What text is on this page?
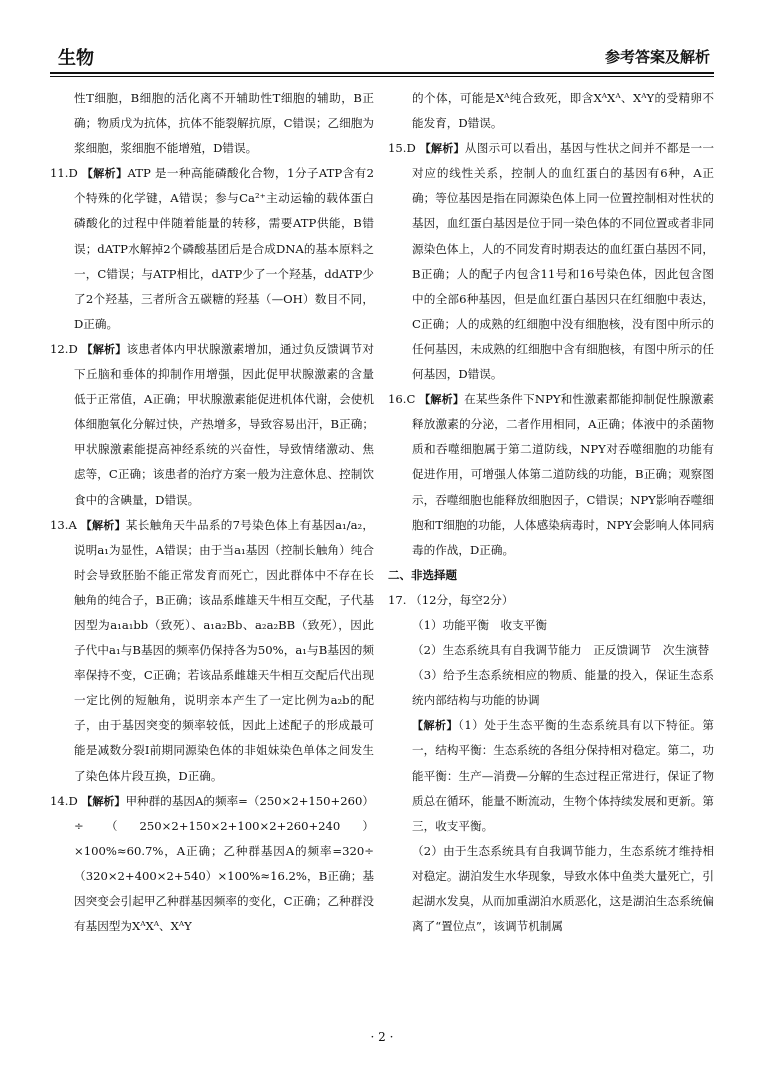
生物	参考答案及解析

性T细胞，B细胞的活化离不开辅助性T细胞的辅助，B正确；物质戊为抗体，抗体不能裂解抗原，C错误；乙细胞为浆细胞，浆细胞不能增殖，D错误。

11.D 【解析】ATP 是一种高能磷酸化合物，1分子ATP含有2个特殊的化学键，A错误；参与Ca²⁺主动运输的载体蛋白磷酸化的过程中伴随着能量的转移，需要ATP供能，B错误；dATP水解掉2个磷酸基团后是合成DNA的基本原料之一，C错误；与ATP相比，dATP少了一个羟基，ddATP少了2个羟基，三者所含五碳糖的羟基（—OH）数目不同，D正确。

12.D 【解析】该患者体内甲状腺激素增加，通过负反馈调节对下丘脑和垂体的抑制作用增强，因此促甲状腺激素的含量低于正常值，A正确；甲状腺激素能促进机体代谢，会使机体细胞氧化分解过快，产热增多，导致容易出汗，B正确；甲状腺激素能提高神经系统的兴奋性，导致情绪激动、焦虑等，C正确；该患者的治疗方案一般为注意休息、控制饮食中的含碘量，D错误。

13.A 【解析】某长触角天牛品系的7号染色体上有基因a₁/a₂，说明a₁为显性，A错误；由于当a₁基因（控制长触角）纯合时会导致胚胎不能正常发育而死亡，因此群体中不存在长触角的纯合子，B正确；该品系雌雄天牛相互交配，子代基因型为a₁a₁bb（致死）、a₁a₂Bb、a₂a₂BB（致死），因此子代中a₁与B基因的频率仍保持各为50%，a₁与B基因的频率保持不变，C正确；若该品系雌雄天牛相互交配后代出现一定比例的短触角，说明亲本产生了一定比例为a₂b的配子，由于基因突变的频率较低，因此上述配子的形成最可能是减数分裂Ⅰ前期同源染色体的非姐妹染色单体之间发生了染色体片段互换，D正确。

14.D 【解析】甲种群的基因A的频率=（250×2+150+260）÷（250×2+150×2+100×2+260+240）×100%≈60.7%，A正确；乙种群基因A的频率=320÷（320×2+400×2+540）×100%≈16.2%，B正确；基因突变会引起甲乙种群基因频率的变化，C正确；乙种群没有基因型为XᴬXᴬ、XᴬY

的个体，可能是Xᴬ纯合致死，即含XᴬXᴬ、XᴬY的受精卵不能发育，D错误。

15.D 【解析】从图示可以看出，基因与性状之间并不都是一一对应的线性关系，控制人的血红蛋白的基因有6种，A正确；等位基因是指在同源染色体上同一位置控制相对性状的基因，血红蛋白基因是位于同一染色体的不同位置或者非同源染色体上，人的不同发育时期表达的血红蛋白基因不同，B正确；人的配子内包含11号和16号染色体，因此包含图中的全部6种基因，但是血红蛋白基因只在红细胞中表达，C正确；人的成熟的红细胞中没有细胞核，没有图中所示的任何基因，未成熟的红细胞中含有细胞核，有图中所示的任何基因，D错误。

16.C 【解析】在某些条件下NPY和性激素都能抑制促性腺激素释放激素的分泌，二者作用相同，A正确；体液中的杀菌物质和吞噬细胞属于第二道防线，NPY对吞噬细胞的功能有促进作用，可增强人体第二道防线的功能，B正确；观察图示，吞噬细胞也能释放细胞因子，C错误；NPY影响吞噬细胞和T细胞的功能，人体感染病毒时，NPY会影响人体同病毒的作战，D正确。

二、非选择题

17. （12分，每空2分）

（1）功能平衡　收支平衡

（2）生态系统具有自我调节能力　正反馈调节　次生演替

（3）给予生态系统相应的物质、能量的投入，保证生态系统内部结构与功能的协调

【解析】（1）处于生态平衡的生态系统具有以下特征。第一，结构平衡：生态系统的各组分保持相对稳定。第二，功能平衡：生产—消费—分解的生态过程正常进行，保证了物质总在循环，能量不断流动，生物个体持续发展和更新。第三，收支平衡。

（2）由于生态系统具有自我调节能力，生态系统才维持相对稳定。湖泊发生水华现象，导致水体中鱼类大量死亡，引起湖水发臭，从而加重湖泊水质恶化，这是湖泊生态系统偏离了“置位点”，该调节机制属

· 2 ·
